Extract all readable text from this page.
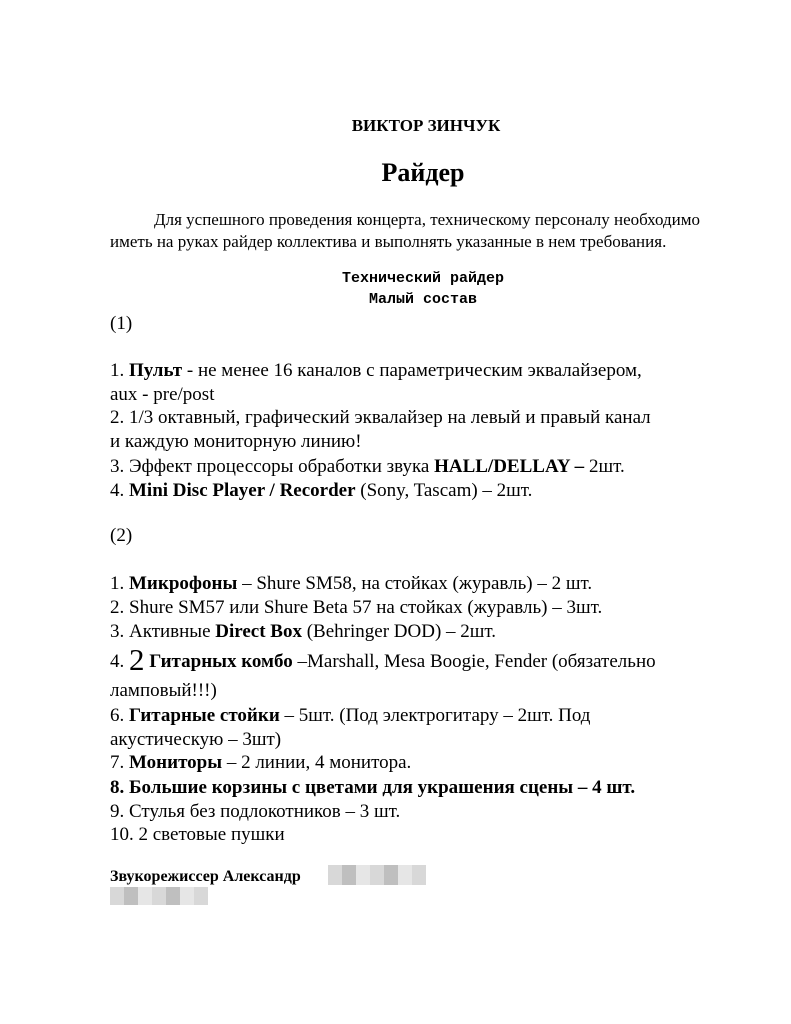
ВИКТОР ЗИНЧУК
Райдер

Для успешного проведения концерта, техническому персоналу необходимо иметь на руках райдер коллектива и выполнять указанные в нем требования.

Технический райдер
Малый состав
(1)
1. Пульт - не менее 16 каналов с параметрическим эквалайзером,
aux - pre/post
2. 1/3 октавный, графический эквалайзер на левый и правый канал
и каждую мониторную линию!
3. Эффект процессоры обработки звука HALL/DELLAY – 2шт.
4. Mini Disc Player / Recorder (Sony, Tascam) – 2шт.
(2)
1. Микрофоны – Shure SM58, на стойках (журавль) – 2 шт.
2. Shure SM57 или Shure Beta 57 на стойках (журавль) – 3шт.
3. Активные Direct Box (Behringer DOD) – 2шт.
4. 2 Гитарных комбо –Marshall, Mesa Boogie, Fender (обязательно
ламповый!!!)
6. Гитарные стойки – 5шт. (Под электрогитару – 2шт. Под
акустическую – 3шт)
7. Мониторы – 2 линии, 4 монитора.
8. Большие корзины с цветами для украшения сцены – 4 шт.
9. Стулья без подлокотников – 3 шт.
10. 2 световые пушки
Звукорежиссер Александр
